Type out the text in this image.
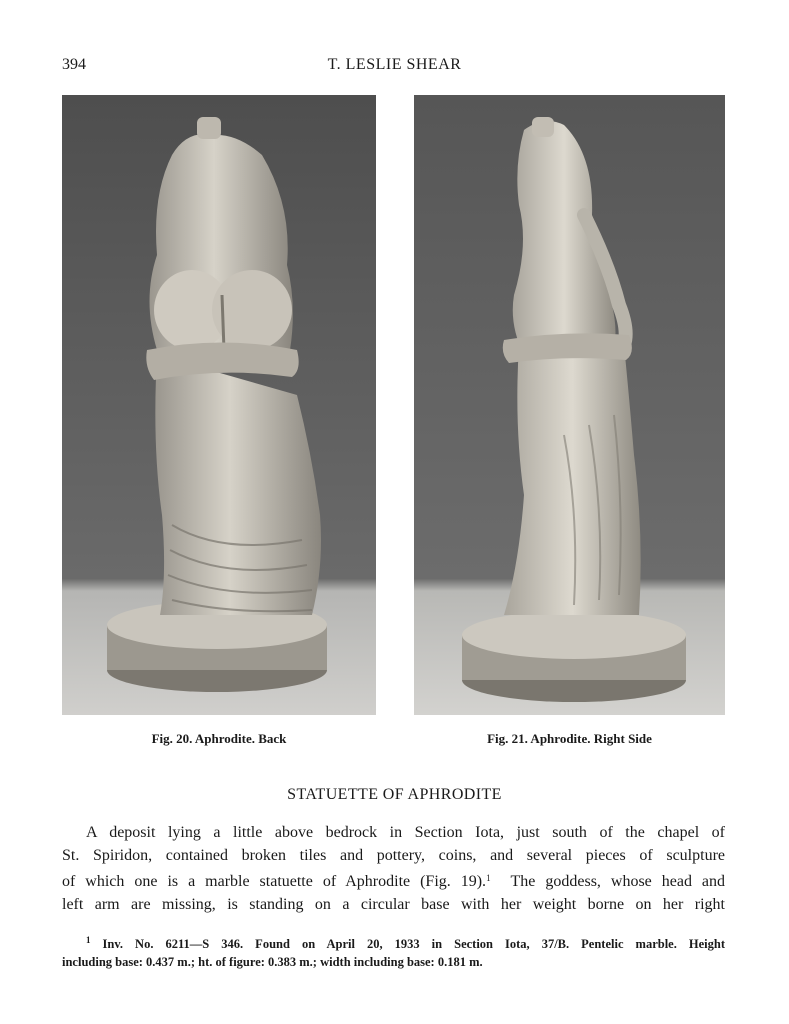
394	T. LESLIE SHEAR
Fig. 20. Aphrodite. Back	Fig. 21. Aphrodite. Right Side
STATUETTE OF APHRODITE
A deposit lying a little above bedrock in Section Iota, just south of the chapel of
St. Spiridon, contained broken tiles and pottery, coins, and several pieces of sculpture
of which one is a marble statuette of Aphrodite (Fig. 19).$^1$ The goddess, whose head and
left arm are missing, is standing on a circular base with her weight borne on her right
$^1$ Inv. No. 6211—S 346. Found on April 20, 1933 in Section Iota, 37/B. Pentelic marble. Height
including base: 0.437 m.; ht. of figure: 0.383 m.; width including base: 0.181 m.
